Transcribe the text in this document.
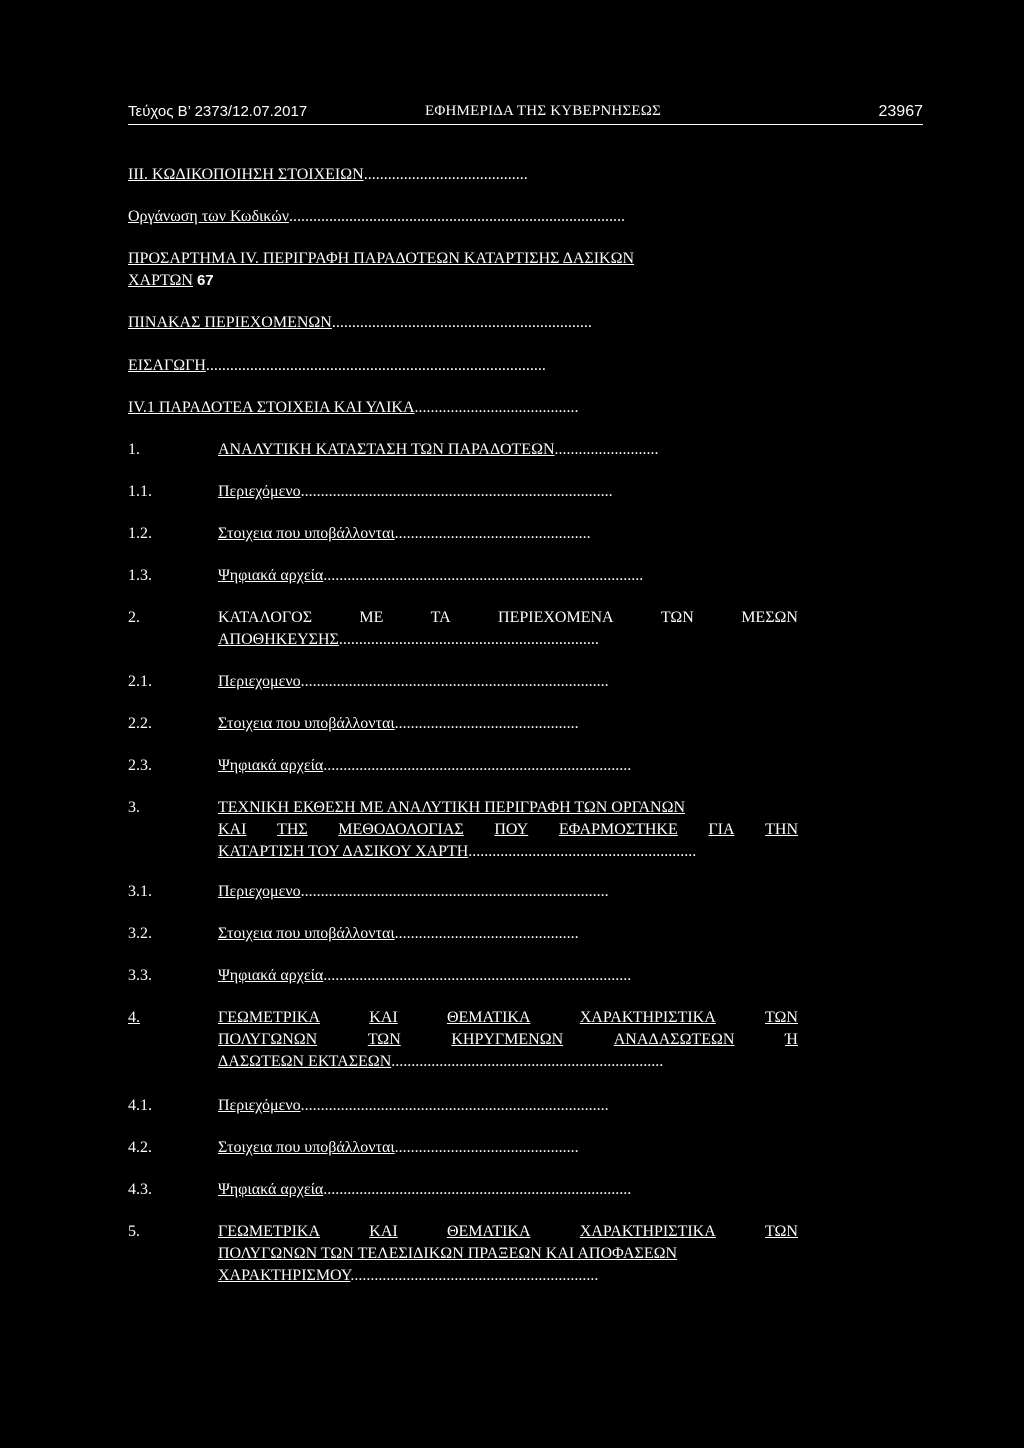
Τεύχος Β’ 2373/12.07.2017	ΕΦΗΜΕΡΙΔΑ ΤΗΣ ΚΥΒΕΡΝΗΣΕΩΣ	23967
III. ΚΩΔΙΚΟΠΟΙΗΣΗ ΣΤΟΙΧΕΙΩΝ.........................................
Οργάνωση των Κωδικών....................................................................................
ΠΡΟΣΑΡΤΗΜΑ IV. ΠΕΡΙΓΡΑΦΗ ΠΑΡΑΔΟΤΕΩΝ ΚΑΤΑΡΤΙΣΗΣ ΔΑΣΙΚΩΝ
ΧΑΡΤΩΝ 67
ΠΙΝΑΚΑΣ ΠΕΡΙΕΧΟΜΕΝΩΝ.................................................................
ΕΙΣΑΓΩΓΗ.....................................................................................
IV.1 ΠΑΡΑΔΟΤΕΑ ΣΤΟΙΧΕΙΑ ΚΑΙ ΥΛΙΚΑ.........................................
1.	ΑΝΑΛΥΤΙΚΗ ΚΑΤΑΣΤΑΣΗ ΤΩΝ ΠΑΡΑΔΟΤΕΩΝ..........................
1.1.	Περιεχόμενο..............................................................................
1.2.	Στοιχεια που υποβάλλονται.................................................
1.3.	Ψηφιακά αρχεία................................................................................
2.	ΚΑΤΑΛΟΓΟΣ	ΜΕ	ΤΑ	ΠΕΡΙΕΧΟΜΕΝΑ	ΤΩΝ	ΜΕΣΩΝ
ΑΠΟΘΗΚΕΥΣΗΣ.................................................................
2.1.	Περιεχομενο.............................................................................
2.2.	Στοιχεια που υποβάλλονται..............................................
2.3.	Ψηφιακά αρχεία.............................................................................
3.	ΤΕΧΝΙΚΗ ΕΚΘΕΣΗ ΜΕ ΑΝΑΛΥΤΙΚΗ ΠΕΡΙΓΡΑΦΗ ΤΩΝ ΟΡΓΑΝΩΝ
ΚΑΙ ΤΗΣ ΜΕΘΟΔΟΛΟΓΙΑΣ ΠΟΥ ΕΦΑΡΜΟΣΤΗΚΕ ΓΙΑ ΤΗΝ
ΚΑΤΑΡΤΙΣΗ ΤΟΥ ΔΑΣΙΚΟΥ ΧΑΡΤΗ.........................................................
3.1.	Περιεχομενο.............................................................................
3.2.	Στοιχεια που υποβάλλονται..............................................
3.3.	Ψηφιακά αρχεία.............................................................................
4.	ΓΕΩΜΕΤΡΙΚΑ	ΚΑΙ	ΘΕΜΑΤΙΚΑ	ΧΑΡΑΚΤΗΡΙΣΤΙΚΑ	ΤΩΝ
ΠΟΛΥΓΩΝΩΝ	ΤΩΝ	ΚΗΡΥΓΜΕΝΩΝ	ΑΝΑΔΑΣΩΤΕΩΝ	Ή
ΔΑΣΩΤΕΩΝ ΕΚΤΑΣΕΩΝ....................................................................
4.1.	Περιεχόμενο.............................................................................
4.2.	Στοιχεια που υποβάλλονται..............................................
4.3.	Ψηφιακά αρχεία.............................................................................
5.	ΓΕΩΜΕΤΡΙΚΑ	ΚΑΙ	ΘΕΜΑΤΙΚΑ	ΧΑΡΑΚΤΗΡΙΣΤΙΚΑ	ΤΩΝ
ΠΟΛΥΓΩΝΩΝ ΤΩΝ ΤΕΛΕΣΙΔΙΚΩΝ ΠΡΑΞΕΩΝ ΚΑΙ ΑΠΟΦΑΣΕΩΝ
ΧΑΡΑΚΤΗΡΙΣΜΟΥ..............................................................
